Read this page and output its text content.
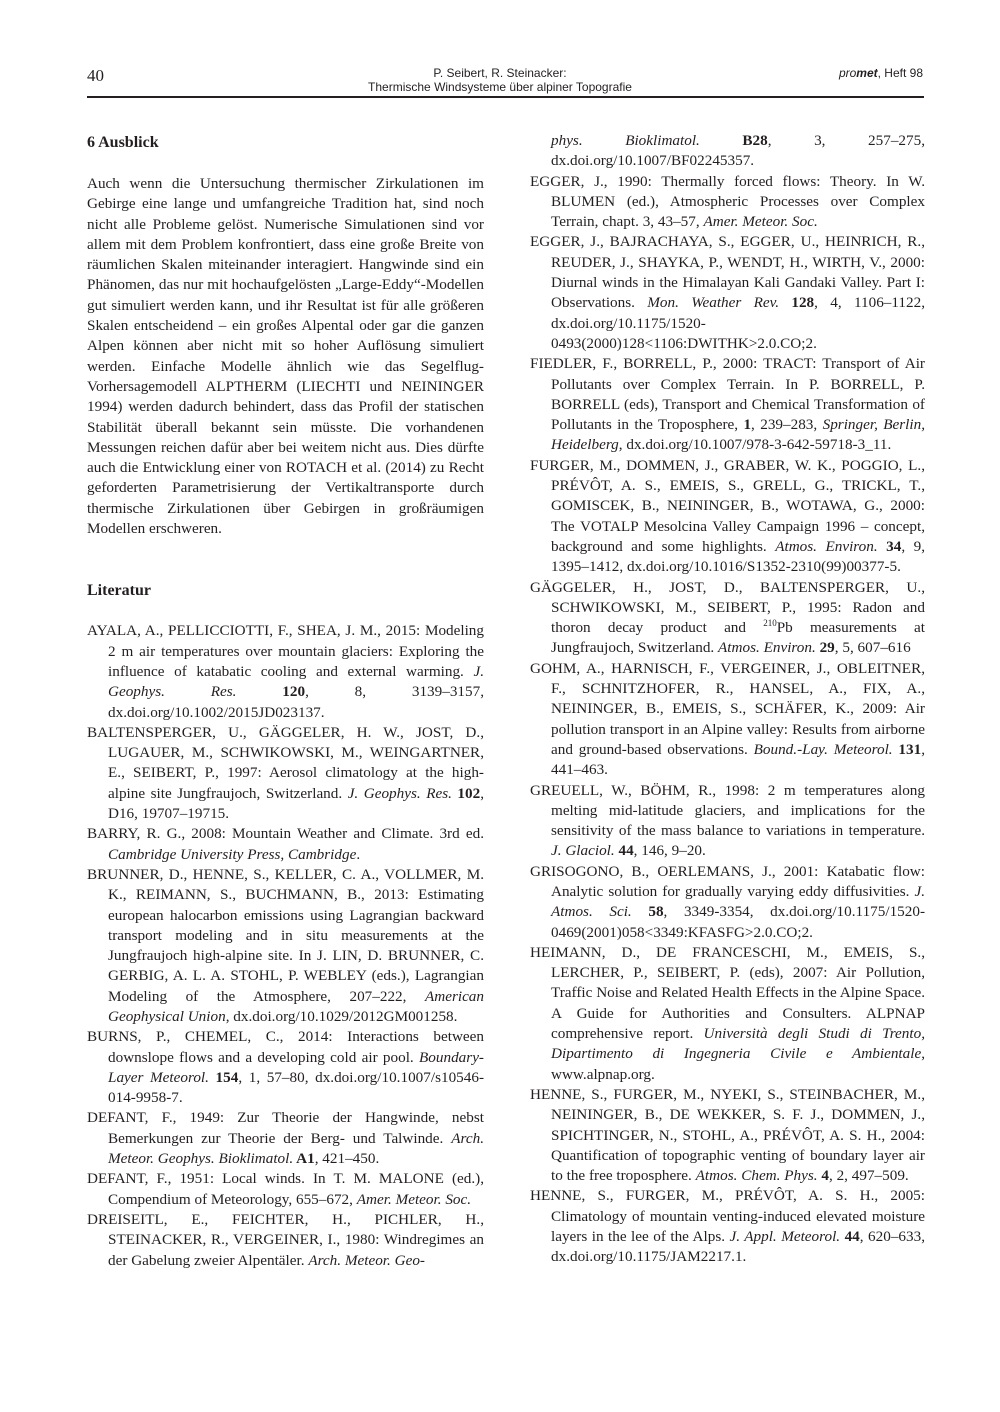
40	P. Seibert, R. Steinacker:
Thermische Windsysteme über alpiner Topografie
promet, Heft 98
6 Ausblick

Auch wenn die Untersuchung thermischer Zirkulationen im Gebirge eine lange und umfangreiche Tradition hat, sind noch nicht alle Probleme gelöst. Numerische Simulationen sind vor allem mit dem Problem konfrontiert, dass eine große Breite von räumlichen Skalen miteinander interagiert. Hangwinde sind ein Phänomen, das nur mit hochaufgelösten „Large-Eddy“-Modellen gut simuliert werden kann, und ihr Resultat ist für alle größeren Skalen entscheidend – ein großes Alpental oder gar die ganzen Alpen können aber nicht mit so hoher Auflösung simuliert werden. Einfache Modelle ähnlich wie das Segelflug-Vorhersagemodell ALPTHERM (LIECHTI und NEININGER 1994) werden dadurch behindert, dass das Profil der statischen Stabilität überall bekannt sein müsste. Die vorhandenen Messungen reichen dafür aber bei weitem nicht aus. Dies dürfte auch die Entwicklung einer von ROTACH et al. (2014) zu Recht geforderten Parametrisierung der Vertikaltransporte durch thermische Zirkulationen über Gebirgen in großräumigen Modellen erschweren.

Literatur

AYALA, A., PELLICCIOTTI, F., SHEA, J. M., 2015: Modeling 2 m air temperatures over mountain glaciers: Exploring the influence of katabatic cooling and external warming. J. Geophys. Res. 120, 8, 3139–3157, dx.doi.org/10.1002/2015JD023137.

BALTENSPERGER, U., GÄGGELER, H. W., JOST, D., LUGAUER, M., SCHWIKOWSKI, M., WEINGARTNER, E., SEIBERT, P., 1997: Aerosol climatology at the high-alpine site Jungfraujoch, Switzerland. J. Geophys. Res. 102, D16, 19707–19715.

BARRY, R. G., 2008: Mountain Weather and Climate. 3rd ed. Cambridge University Press, Cambridge.

BRUNNER, D., HENNE, S., KELLER, C. A., VOLLMER, M. K., REIMANN, S., BUCHMANN, B., 2013: Estimating european halocarbon emissions using Lagrangian backward transport modeling and in situ measurements at the Jungfraujoch high-alpine site. In J. LIN, D. BRUNNER, C. GERBIG, A. L. A. STOHL, P. WEBLEY (eds.), Lagrangian Modeling of the Atmosphere, 207–222, American Geophysical Union, dx.doi.org/10.1029/2012GM001258.

BURNS, P., CHEMEL, C., 2014: Interactions between downslope flows and a developing cold air pool. Boundary-Layer Meteorol. 154, 1, 57–80, dx.doi.org/10.1007/s10546-014-9958-7.

DEFANT, F., 1949: Zur Theorie der Hangwinde, nebst Bemerkungen zur Theorie der Berg- und Talwinde. Arch. Meteor. Geophys. Bioklimatol. A1, 421–450.

DEFANT, F., 1951: Local winds. In T. M. MALONE (ed.), Compendium of Meteorology, 655–672, Amer. Meteor. Soc.

DREISEITL, E., FEICHTER, H., PICHLER, H., STEINACKER, R., VERGEINER, I., 1980: Windregimes an der Gabelung zweier Alpentäler. Arch. Meteor. Geo-

phys. Bioklimatol. B28, 3, 257–275, dx.doi.org/10.1007/BF02245357.

EGGER, J., 1990: Thermally forced flows: Theory. In W. BLUMEN (ed.), Atmospheric Processes over Complex Terrain, chapt. 3, 43–57, Amer. Meteor. Soc.

EGGER, J., BAJRACHAYA, S., EGGER, U., HEINRICH, R., REUDER, J., SHAYKA, P., WENDT, H., WIRTH, V., 2000: Diurnal winds in the Himalayan Kali Gandaki Valley. Part I: Observations. Mon. Weather Rev. 128, 4, 1106–1122, dx.doi.org/10.1175/1520-0493(2000)128<1106:DWITHK>2.0.CO;2.

FIEDLER, F., BORRELL, P., 2000: TRACT: Transport of Air Pollutants over Complex Terrain. In P. BORRELL, P. BORRELL (eds), Transport and Chemical Transformation of Pollutants in the Troposphere, 1, 239–283, Springer, Berlin, Heidelberg, dx.doi.org/10.1007/978-3-642-59718-3_11.

FURGER, M., DOMMEN, J., GRABER, W. K., POGGIO, L., PRÉVÔT, A. S., EMEIS, S., GRELL, G., TRICKL, T., GOMISCEK, B., NEININGER, B., WOTAWA, G., 2000: The VOTALP Mesolcina Valley Campaign 1996 – concept, background and some highlights. Atmos. Environ. 34, 9, 1395–1412, dx.doi.org/10.1016/S1352-2310(99)00377-5.

GÄGGELER, H., JOST, D., BALTENSPERGER, U., SCHWIKOWSKI, M., SEIBERT, P., 1995: Radon and thoron decay product and $^{210}$Pb measurements at Jungfraujoch, Switzerland. Atmos. Environ. 29, 5, 607–616

GOHM, A., HARNISCH, F., VERGEINER, J., OBLEITNER, F., SCHNITZHOFER, R., HANSEL, A., FIX, A., NEININGER, B., EMEIS, S., SCHÄFER, K., 2009: Air pollution transport in an Alpine valley: Results from airborne and ground-based observations. Bound.-Lay. Meteorol. 131, 441–463.

GREUELL, W., BÖHM, R., 1998: 2 m temperatures along melting mid-latitude glaciers, and implications for the sensitivity of the mass balance to variations in temperature. J. Glaciol. 44, 146, 9–20.

GRISOGONO, B., OERLEMANS, J., 2001: Katabatic flow: Analytic solution for gradually varying eddy diffusivities. J. Atmos. Sci. 58, 3349-3354, dx.doi.org/10.1175/1520-0469(2001)058<3349:KFASFG>2.0.CO;2.

HEIMANN, D., DE FRANCESCHI, M., EMEIS, S., LERCHER, P., SEIBERT, P. (eds), 2007: Air Pollution, Traffic Noise and Related Health Effects in the Alpine Space. A Guide for Authorities and Consulters. ALPNAP comprehensive report. Università degli Studi di Trento, Dipartimento di Ingegneria Civile e Ambientale, www.alpnap.org.

HENNE, S., FURGER, M., NYEKI, S., STEINBACHER, M., NEININGER, B., DE WEKKER, S. F. J., DOMMEN, J., SPICHTINGER, N., STOHL, A., PRÉVÔT, A. S. H., 2004: Quantification of topographic venting of boundary layer air to the free troposphere. Atmos. Chem. Phys. 4, 2, 497–509.

HENNE, S., FURGER, M., PRÉVÔT, A. S. H., 2005: Climatology of mountain venting-induced elevated moisture layers in the lee of the Alps. J. Appl. Meteorol. 44, 620–633, dx.doi.org/10.1175/JAM2217.1.
